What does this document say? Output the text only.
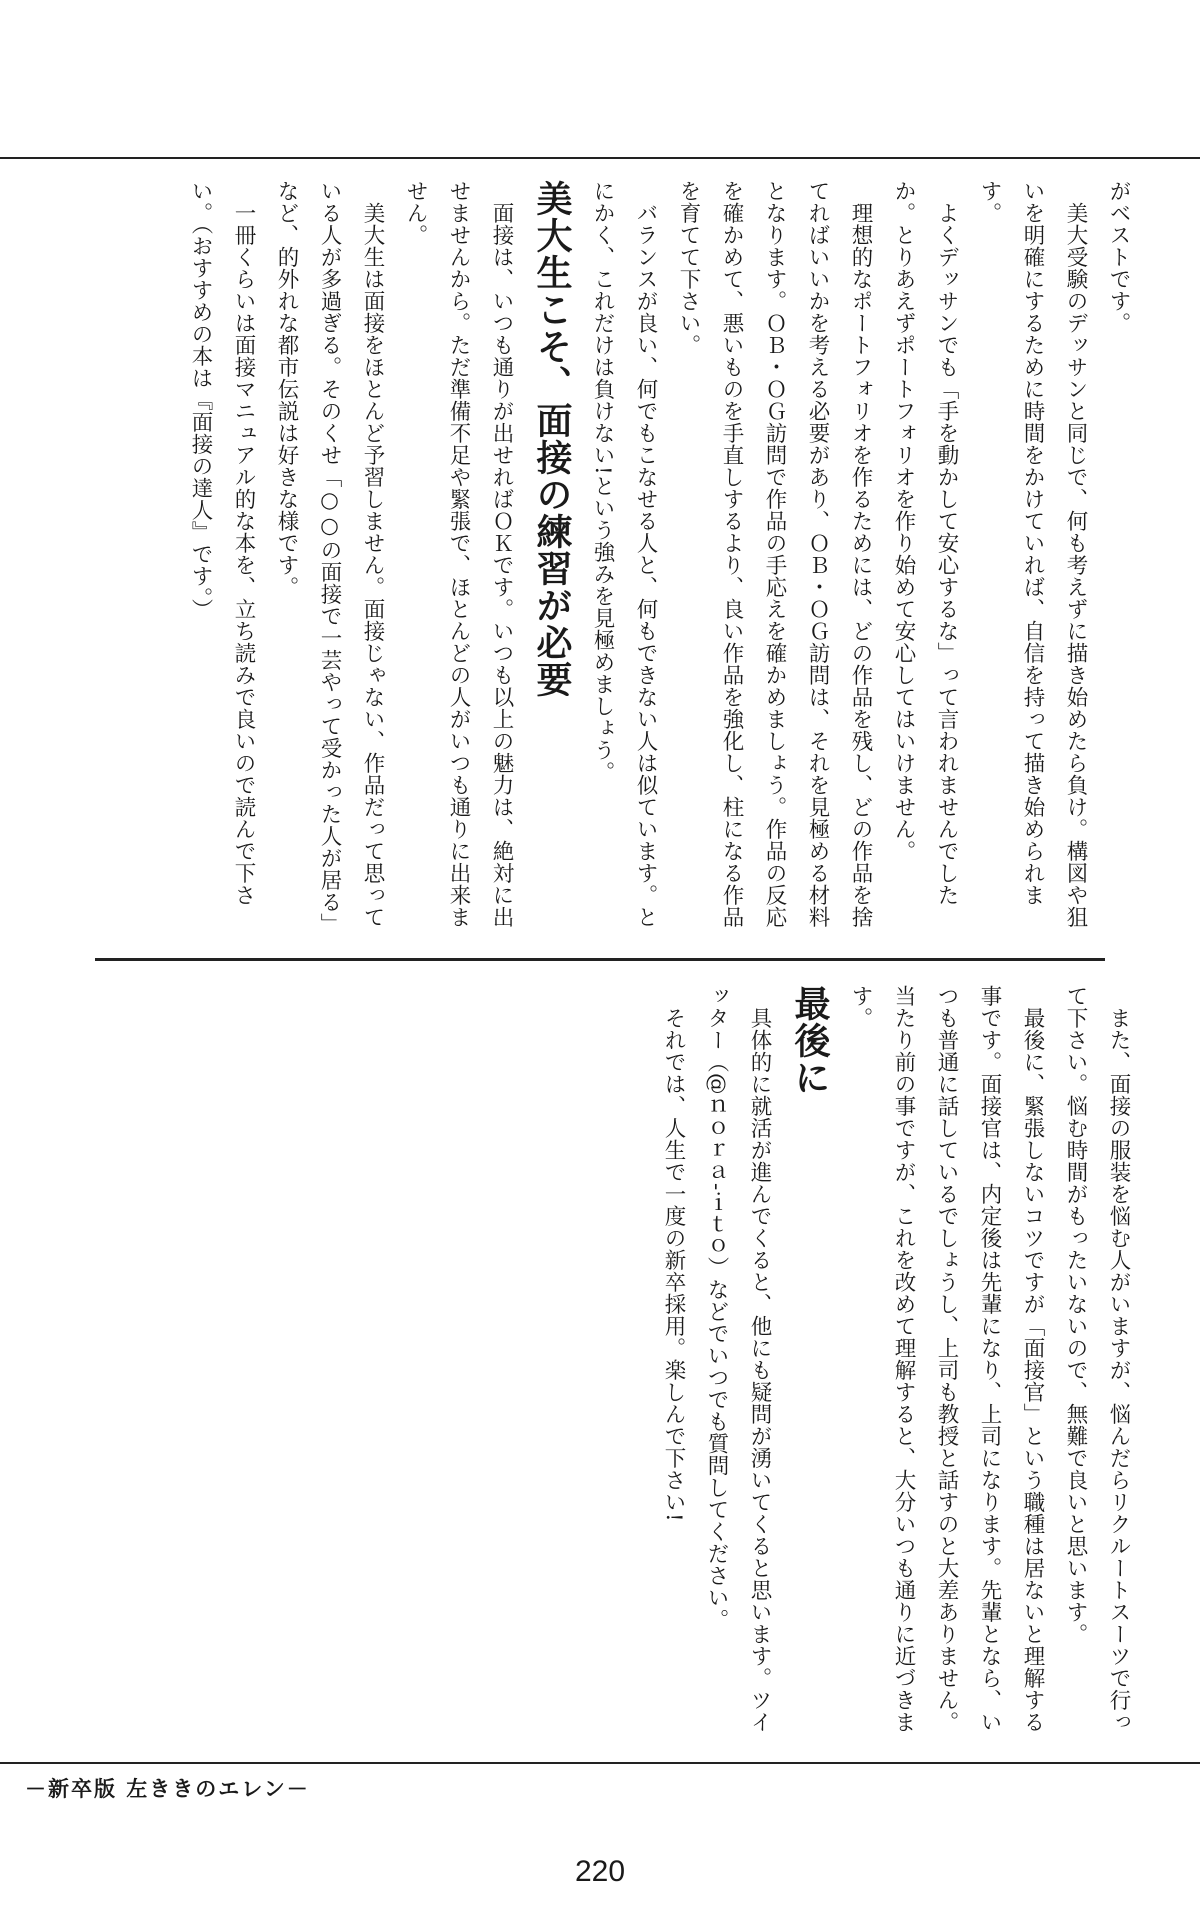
がベストです。

美大受験のデッサンと同じで、何も考えずに描き始めたら負け。構図や狙いを明確にするために時間をかけていれば、自信を持って描き始められます。

よくデッサンでも「手を動かして安心するな」って言われませんでしたか。とりあえずポートフォリオを作り始めて安心してはいけません。

理想的なポートフォリオを作るためには、どの作品を残し、どの作品を捨てればいいかを考える必要があり、ＯＢ・ＯＧ訪問は、それを見極める材料となります。ＯＢ・ＯＧ訪問で作品の手応えを確かめましょう。作品の反応を確かめて、悪いものを手直しするより、良い作品を強化し、柱になる作品を育てて下さい。

バランスが良い、何でもこなせる人と、何もできない人は似ています。とにかく、これだけは負けない!という強みを見極めましょう。

美大生こそ、面接の練習が必要

面接は、いつも通りが出せればＯＫです。いつも以上の魅力は、絶対に出せませんから。ただ準備不足や緊張で、ほとんどの人がいつも通りに出来ません。

美大生は面接をほとんど予習しません。面接じゃない、作品だって思っている人が多過ぎる。そのくせ「○○の面接で一芸やって受かった人が居る」など、的外れな都市伝説は好きな様です。

一冊くらいは面接マニュアル的な本を、立ち読みで良いので読んで下さい。（おすすめの本は『面接の達人』です。）

また、面接の服装を悩む人がいますが、悩んだらリクルートスーツで行って下さい。悩む時間がもったいないので、無難で良いと思います。

最後に、緊張しないコツですが「面接官」という職種は居ないと理解する事です。面接官は、内定後は先輩になり、上司になります。先輩となら、いつも普通に話しているでしょうし、上司も教授と話すのと大差ありません。当たり前の事ですが、これを改めて理解すると、大分いつも通りに近づきます。

最後に

具体的に就活が進んでくると、他にも疑問が湧いてくると思います。ツイッター（@ｎｏｒａ-ｉｔｏ）などでいつでも質問してください。

それでは、人生で一度の新卒採用。楽しんで下さい!

－新卒版 左ききのエレン－
220
